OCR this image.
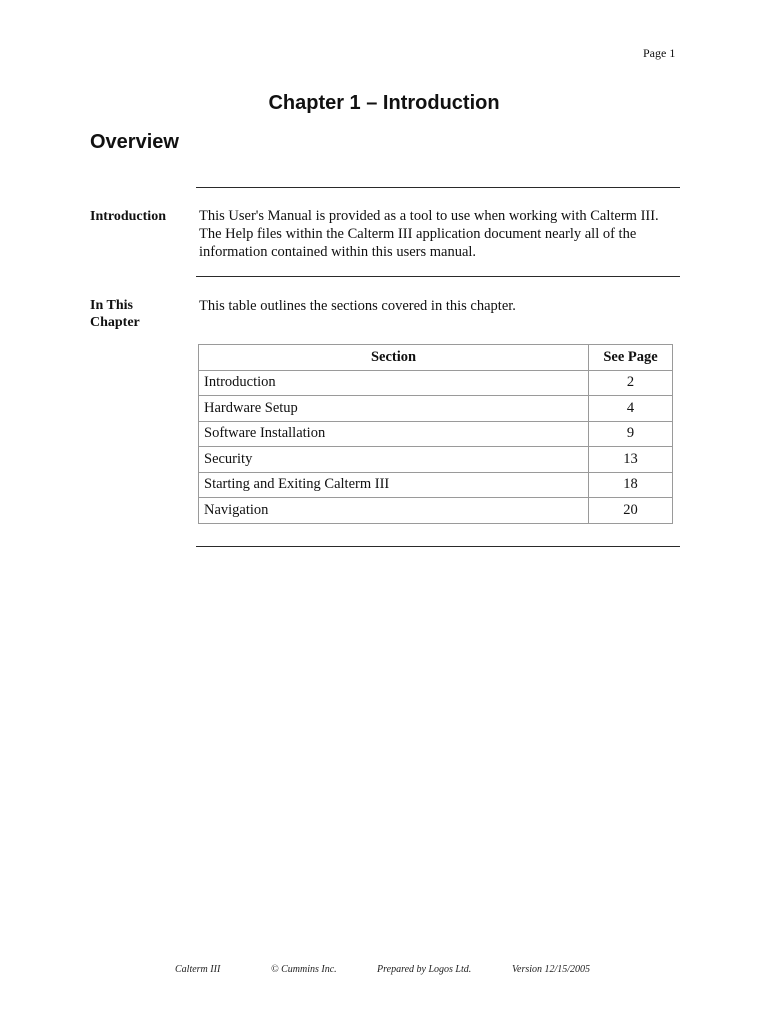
Page 1
Chapter 1 – Introduction
Overview
Introduction	This User's Manual is provided as a tool to use when working with Calterm III. The Help files within the Calterm III application document nearly all of the information contained within this users manual.
In This Chapter
This table outlines the sections covered in this chapter.
Section	See Page
Introduction	2
Hardware Setup	4
Software Installation	9
Security	13
Starting and Exiting Calterm III	18
Navigation	20
Calterm III	© Cummins Inc.	Prepared by Logos Ltd.	Version 12/15/2005
